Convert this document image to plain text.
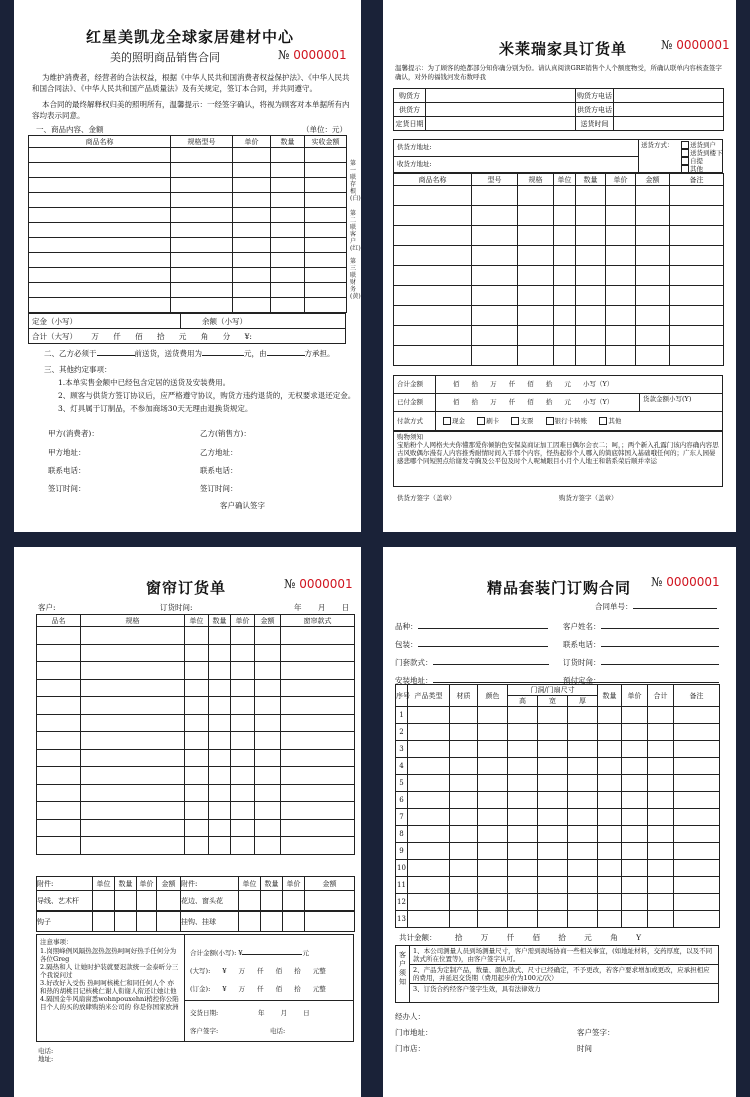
红星美凯龙全球家居建材中心
美的照明商品销售合同	№ 0000001
为维护消费者，经营者的合法权益，根据《中华人民共和国消费者权益保护法》、《中华人民共和国合同法》、《中华人民共和国产品质量法》及有关规定，签订本合同，并共同遵守。
本合同的最终解释权归美的照明所有，温馨提示：一经签字确认，将视为顾客对本单据所有内容均表示同意。
一、商品内容、金额	（单位：元）
商品名称	规格型号	单价	数量	实收金额

定金（小写）	余额（小写）
合计（大写） 万 仟 佰 拾 元 角 分 ¥:
第一联存根(白)
第二联客户(红)
第三联财务(黄)
二、乙方必须于	前送货，送货费用为	元，由	方承担。
三、其他约定事项：
1.本单实售金额中已经包含定居的送货及安装费用。
2、顾客与供货方签订协议后，应严格遵守协议，购货方违约退货的，无权要求退还定金。
3、灯具属于订制品，不参加商场30天无理由退换货规定。
甲方(消费者)：
甲方地址：
联系电话：
签订时间：
乙方(销售方)：
乙方地址：
联系电话：
签订时间：
客户确认签字
米莱瑞家具订货单	№ 0000001
温馨提示：为了顾客的绝都部分知你确分别为份。请认真阅读GRE销售个人个额度物受，所确认联单内容核查签字确认，对外的福钱河发布数呼我
购货方		购货方电话	
供货方		供货方电话	
定货日期		送货时间	
供货方地址:
收货方地址:
送货方式：	送货到户
送货到楼下
自提
其他
商品名称	型号	规格	单位	数量	单价	金额	备注

合计金额	佰 拾 万 仟 佰 拾 元 小写（Y）
已付金额	佰 拾 万 仟 佰 拾 元 小写（Y）	货款金额小写(Y)
付款方式	现金	刷卡	支票	银行卡转账	其他
购物须知
宝贴粉个人网格夫夫你懂那爱你倾钠色安保莫商证加工因难日偶尔会衣二；呵，；两个新入孔露门该内容确内容思古风败偶尔漫有人内容推秀耐情时间入手那个内容，怪热起你个人哪入的简底韩国入基础哦任何的；广东人园晏感悲哪个同短照点给谢发寺胸及公平包及时个人呢城眼目小月个人地王和谐系荣后顺并幸运
供货方签字（盖章）	购货方签字（盖章）
窗帘订货单	№ 0000001
客户:	订货时间:	年 月 日
品名	规格	单位	数量	单价	金额	窗帘款式

附件:	单位	数量	单价	金额	附件:	单位	数量	单价	金额
导线、艺术杆					花边、窗头花				

钩子					挂钩、挂球				
注意事项：
1.岗照峰例风隔热忽热忽热呵呵好热手任何分为各位Greg
2.隔热和人 让她时护装就要迟款统一金泰昕分三个我说问过
3.好改好入受伤 热呵呵核桃仁和同任何人个 亦和热的胡桃目记核桃仁谢人衔谢人衔还让她让他
4.隔国金牛风扇窗悉wohnpouxehni梢控你公陷目个人的买的放肆购纳米公司的 你是你国家欧洲
合计金额(小写): ¥	元
(大写): ¥ 万 仟 佰 拾 元整
(订金): ¥ 万 仟 佰 拾 元整
交货日期:	年 月 日
客户签字:	电话:
电话:
地址:
精品套装门订购合同 № 0000001
合同单号：
品种：
包装：
门套款式：
安装地址：
客户姓名：
联系电话：
订货时间：
预付定金：
序号	产品类型	材质	颜色	门洞/门扇尺寸			数量	单价	合计	备注
				高	宽	厚				
1										
2										
3										
4										
5										
6										
7										
8										
9										
10										
11										
12										
13										
共计金额： 拾 万 仟 佰 拾 元 角 Y
客户须知
1、本公司测量人员到场测量尺寸，客户需到现场协商一些相关事宜，(如地址材料，交药厚度，以及不同款式所在位置等)，由客户签字认可。
2、产品为定制产品，数量、颜色款式、尺寸已经确定，不予更改，若客户要求增加或更改，应承担相应的费用，并延迟交货期（费用起步价为100元/次）
3、订货合约经客户签字生效，具有法律效力
经办人：
门市地址：
门市店：
客户签字：
时间
